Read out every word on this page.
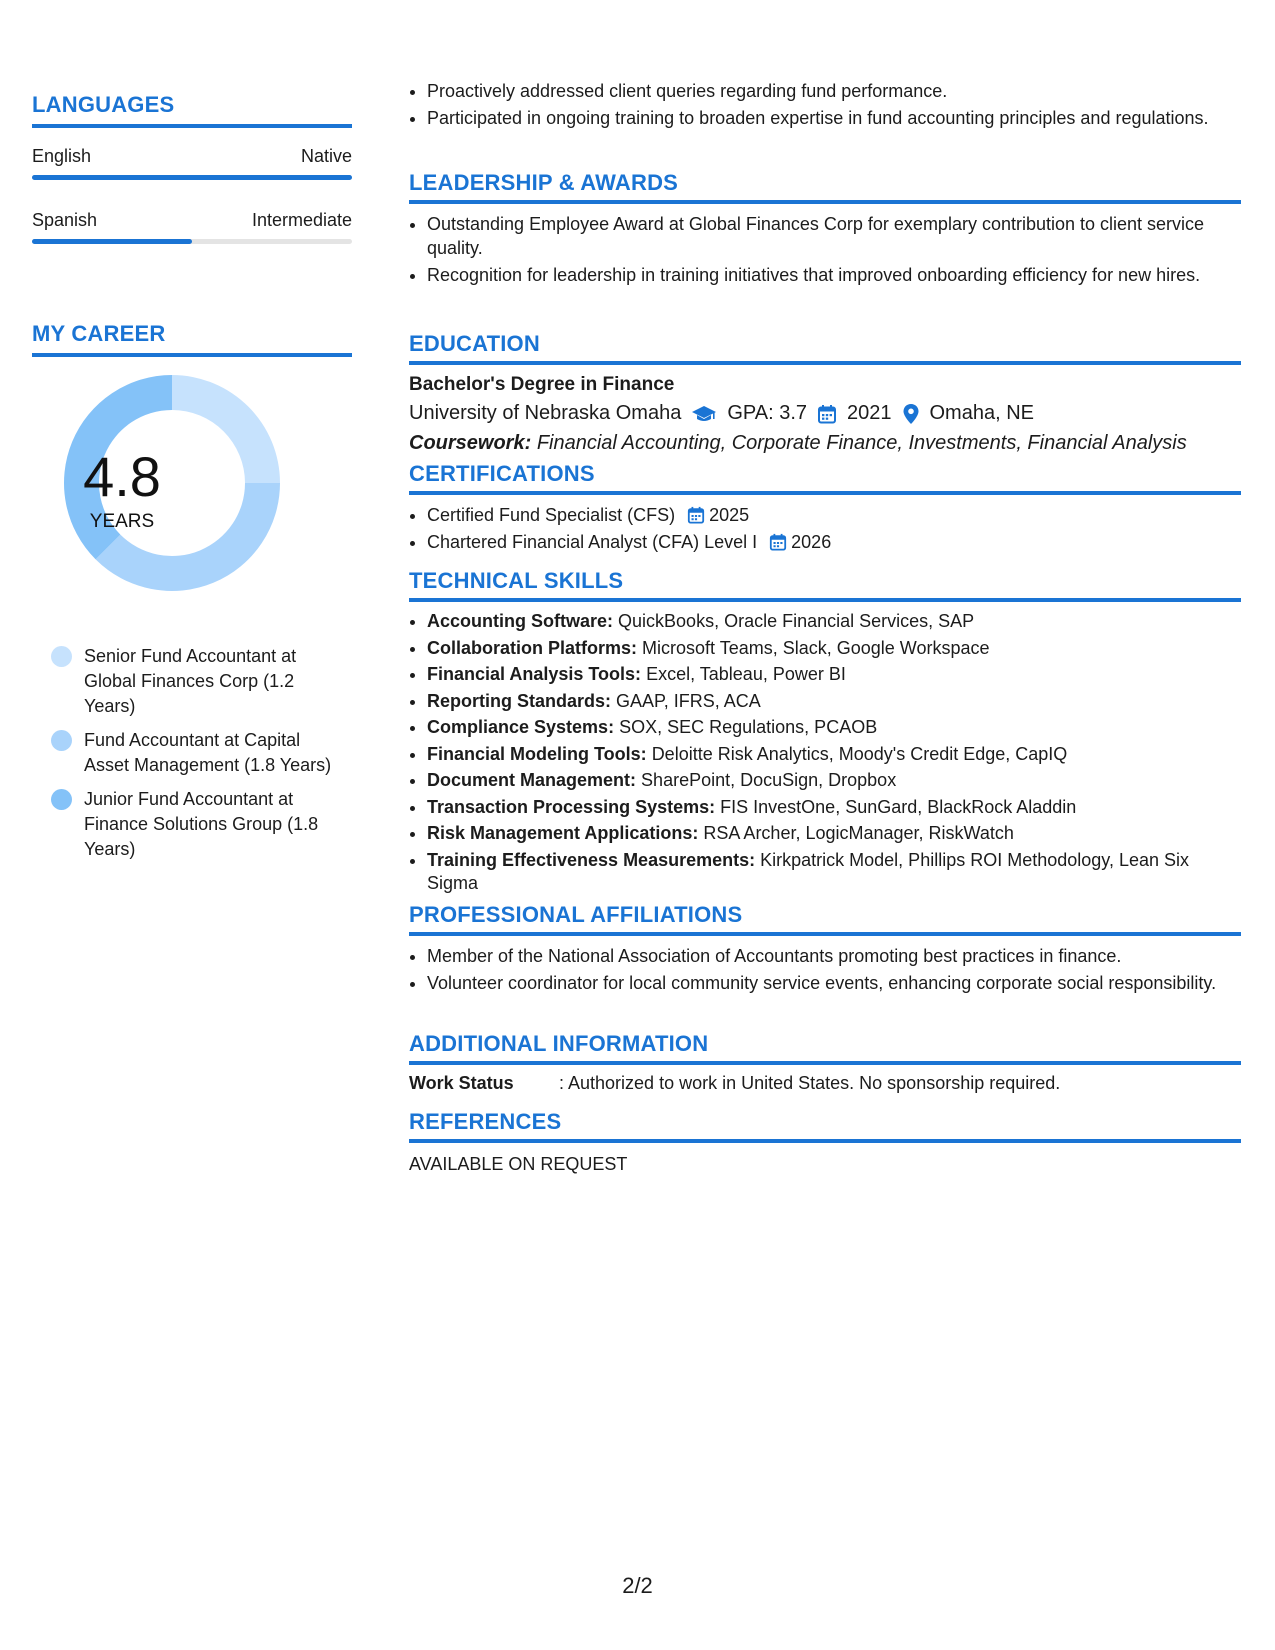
LANGUAGES
English	Native
Spanish	Intermediate
MY CAREER
4.8
YEARS
Senior Fund Accountant at Global Finances Corp (1.2 Years)
Fund Accountant at Capital Asset Management (1.8 Years)
Junior Fund Accountant at Finance Solutions Group (1.8 Years)
• Proactively addressed client queries regarding fund performance.
• Participated in ongoing training to broaden expertise in fund accounting principles and regulations.
LEADERSHIP & AWARDS
• Outstanding Employee Award at Global Finances Corp for exemplary contribution to client service quality.
• Recognition for leadership in training initiatives that improved onboarding efficiency for new hires.
EDUCATION
Bachelor's Degree in Finance
University of Nebraska Omaha GPA: 3.7 2021 Omaha, NE
Coursework: Financial Accounting, Corporate Finance, Investments, Financial Analysis
CERTIFICATIONS
• Certified Fund Specialist (CFS) 2025
• Chartered Financial Analyst (CFA) Level I 2026
TECHNICAL SKILLS
• Accounting Software: QuickBooks, Oracle Financial Services, SAP
• Collaboration Platforms: Microsoft Teams, Slack, Google Workspace
• Financial Analysis Tools: Excel, Tableau, Power BI
• Reporting Standards: GAAP, IFRS, ACA
• Compliance Systems: SOX, SEC Regulations, PCAOB
• Financial Modeling Tools: Deloitte Risk Analytics, Moody's Credit Edge, CapIQ
• Document Management: SharePoint, DocuSign, Dropbox
• Transaction Processing Systems: FIS InvestOne, SunGard, BlackRock Aladdin
• Risk Management Applications: RSA Archer, LogicManager, RiskWatch
• Training Effectiveness Measurements: Kirkpatrick Model, Phillips ROI Methodology, Lean Six Sigma
PROFESSIONAL AFFILIATIONS
• Member of the National Association of Accountants promoting best practices in finance.
• Volunteer coordinator for local community service events, enhancing corporate social responsibility.
ADDITIONAL INFORMATION
Work Status	: Authorized to work in United States. No sponsorship required.
REFERENCES
AVAILABLE ON REQUEST
2/2
